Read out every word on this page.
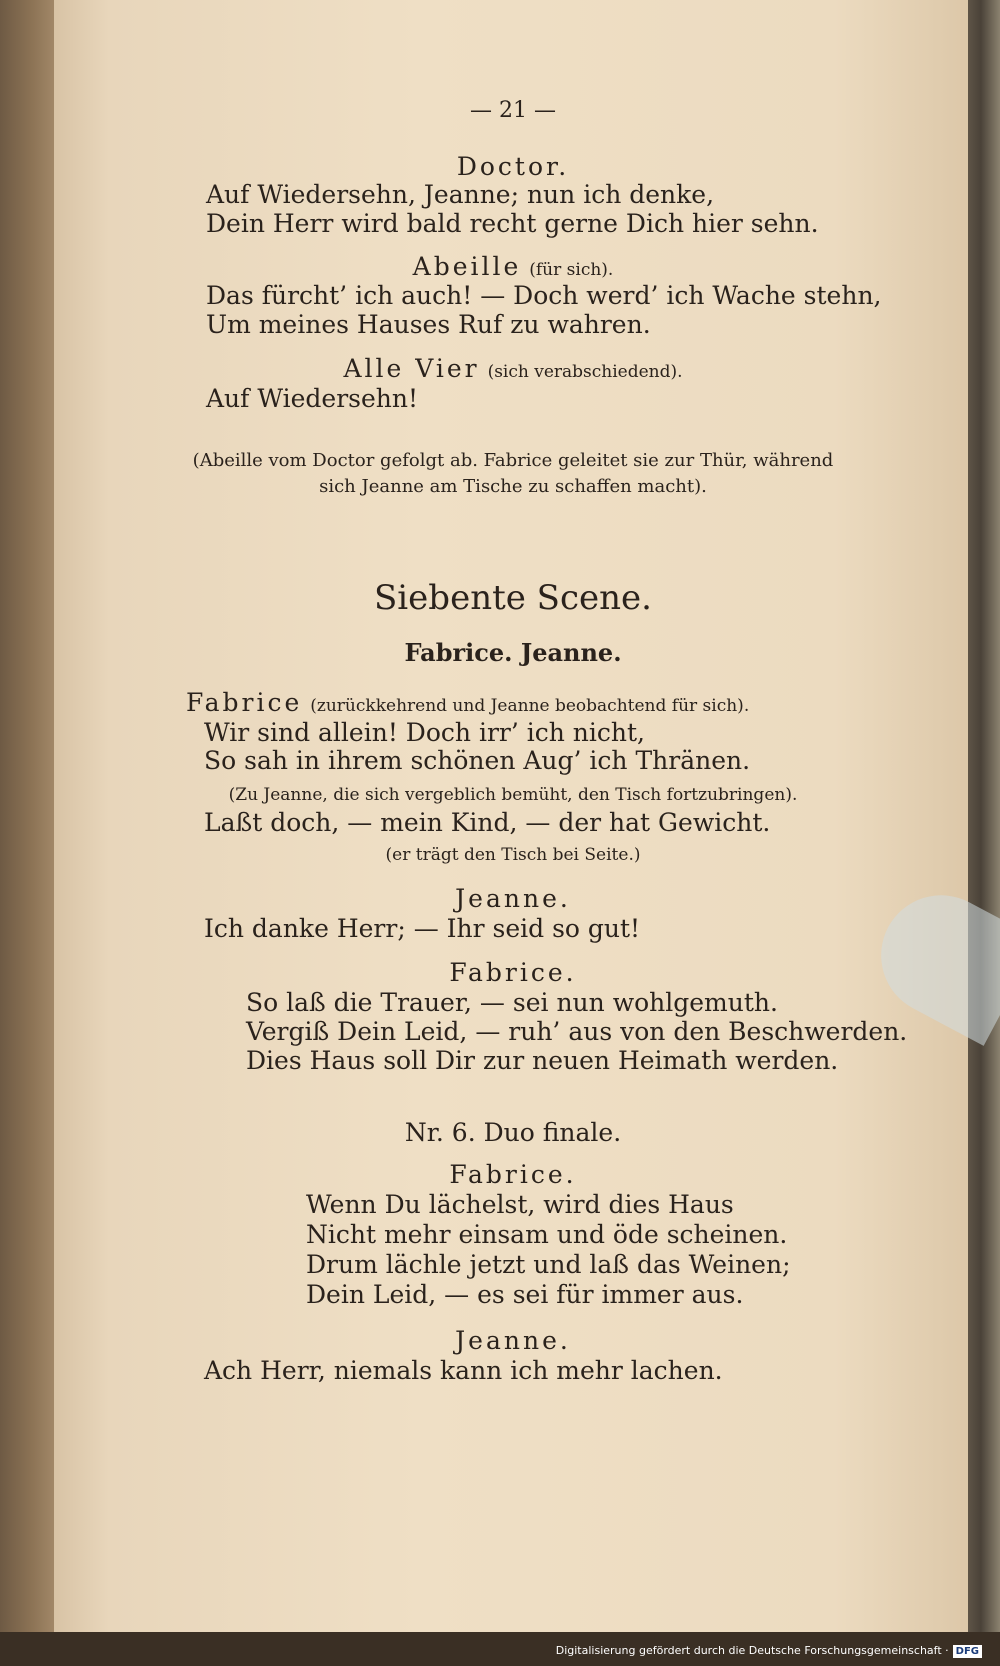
— 21 —
Doctor.
Auf Wiedersehn, Jeanne; nun ich denke,
Dein Herr wird bald recht gerne Dich hier sehn.
Abeille (für sich).
Das fürcht’ ich auch! — Doch werd’ ich Wache stehn,
Um meines Hauses Ruf zu wahren.
Alle Vier (sich verabschiedend).
Auf Wiedersehn!
(Abeille vom Doctor gefolgt ab. Fabrice geleitet sie zur Thür, während
sich Jeanne am Tische zu schaffen macht).
Siebente Scene.
Fabrice. Jeanne.
Fabrice (zurückkehrend und Jeanne beobachtend für sich).
Wir sind allein! Doch irr’ ich nicht,
So sah in ihrem schönen Aug’ ich Thränen.
(Zu Jeanne, die sich vergeblich bemüht, den Tisch fortzubringen).
Laßt doch, — mein Kind, — der hat Gewicht.
(er trägt den Tisch bei Seite.)
Jeanne.
Ich danke Herr; — Ihr seid so gut!
Fabrice.
So laß die Trauer, — sei nun wohlgemuth.
Vergiß Dein Leid, — ruh’ aus von den Beschwerden.
Dies Haus soll Dir zur neuen Heimath werden.
Nr. 6. Duo finale.
Fabrice.
Wenn Du lächelst, wird dies Haus
Nicht mehr einsam und öde scheinen.
Drum lächle jetzt und laß das Weinen;
Dein Leid, — es sei für immer aus.
Jeanne.
Ach Herr, niemals kann ich mehr lachen.
Digitalisierung gefördert durch die Deutsche Forschungsgemeinschaft · DFG
